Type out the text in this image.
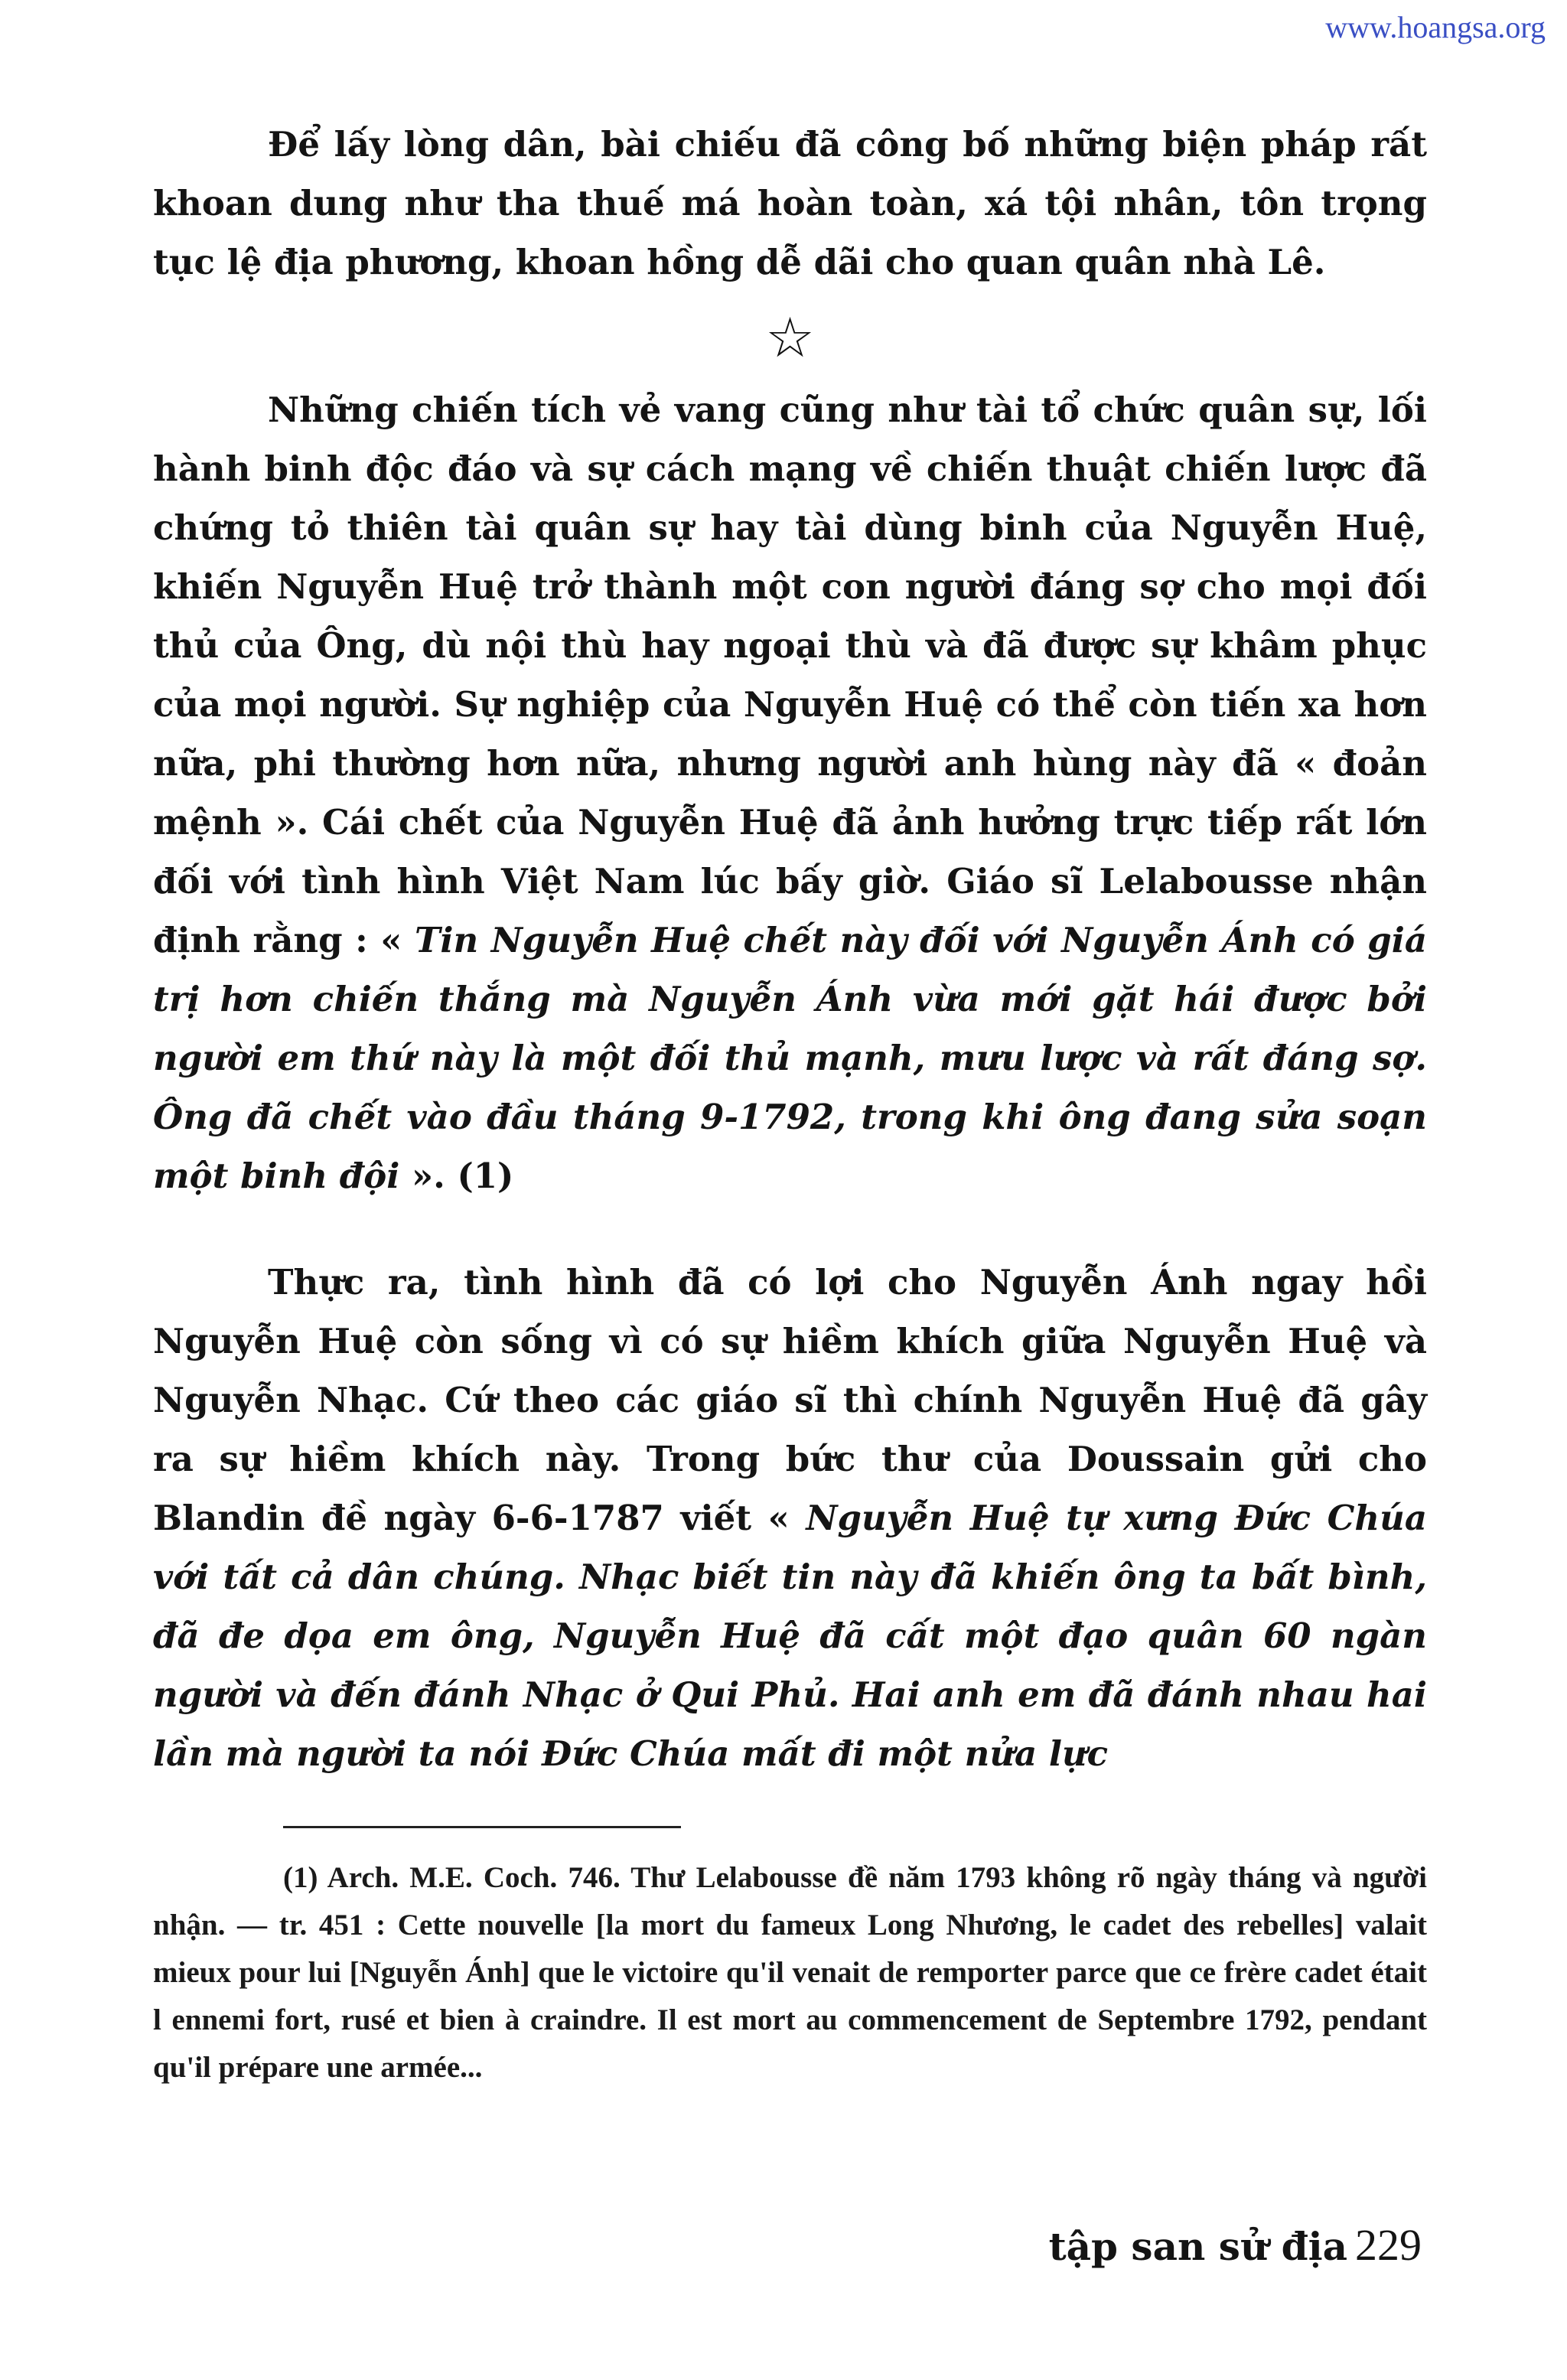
www.hoangsa.org

Để lấy lòng dân, bài chiếu đã công bố những biện pháp rất khoan dung như tha thuế má hoàn toàn, xá tội nhân, tôn trọng tục lệ địa phương, khoan hồng dễ dãi cho quan quân nhà Lê.

☆

Những chiến tích vẻ vang cũng như tài tổ chức quân sự, lối hành binh độc đáo và sự cách mạng về chiến thuật chiến lược đã chứng tỏ thiên tài quân sự hay tài dùng binh của Nguyễn Huệ, khiến Nguyễn Huệ trở thành một con người đáng sợ cho mọi đối thủ của Ông, dù nội thù hay ngoại thù và đã được sự khâm phục của mọi người. Sự nghiệp của Nguyễn Huệ có thể còn tiến xa hơn nữa, phi thường hơn nữa, nhưng người anh hùng này đã « đoản mệnh ». Cái chết của Nguyễn Huệ đã ảnh hưởng trực tiếp rất lớn đối với tình hình Việt Nam lúc bấy giờ. Giáo sĩ Lelabousse nhận định rằng : « Tin Nguyễn Huệ chết này đối với Nguyễn Ánh có giá trị hơn chiến thắng mà Nguyễn Ánh vừa mới gặt hái được bởi người em thứ này là một đối thủ mạnh, mưu lược và rất đáng sợ. Ông đã chết vào đầu tháng 9-1792, trong khi ông đang sửa soạn một binh đội ». (1)

Thực ra, tình hình đã có lợi cho Nguyễn Ánh ngay hồi Nguyễn Huệ còn sống vì có sự hiềm khích giữa Nguyễn Huệ và Nguyễn Nhạc. Cứ theo các giáo sĩ thì chính Nguyễn Huệ đã gây ra sự hiềm khích này. Trong bức thư của Doussain gửi cho Blandin đề ngày 6-6-1787 viết « Nguyễn Huệ tự xưng Đức Chúa với tất cả dân chúng. Nhạc biết tin này đã khiến ông ta bất bình, đã đe dọa em ông, Nguyễn Huệ đã cất một đạo quân 60 ngàn người và đến đánh Nhạc ở Qui Phủ. Hai anh em đã đánh nhau hai lần mà người ta nói Đức Chúa mất đi một nửa lực

(1) Arch. M.E. Coch. 746. Thư Lelabousse đề năm 1793 không rõ ngày tháng và người nhận. — tr. 451 : Cette nouvelle [la mort du fameux Long Nhương, le cadet des rebelles] valait mieux pour lui [Nguyễn Ánh] que le victoire qu'il venait de remporter parce que ce frère cadet était l ennemi fort, rusé et bien à craindre. Il est mort au commencement de Septembre 1792, pendant qu'il prépare une armée...

tập san sử địa 229
